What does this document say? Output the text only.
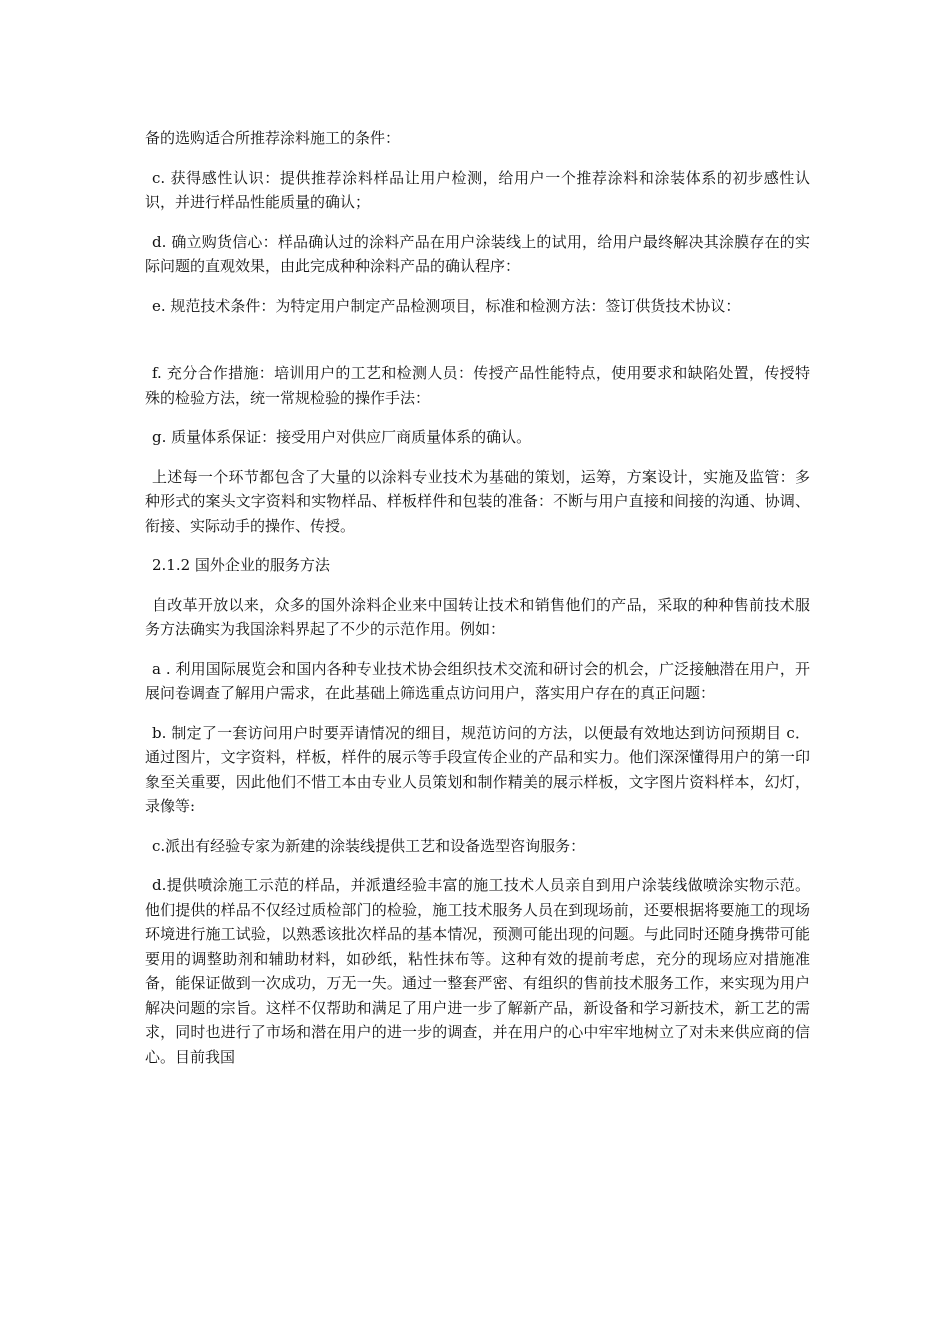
备的选购适合所推荐涂料施工的条件：

c. 获得感性认识：提供推荐涂料样品让用户检测，给用户一个推荐涂料和涂装体系的初步感性认识，并进行样品性能质量的确认；

d. 确立购货信心：样品确认过的涂料产品在用户涂装线上的试用，给用户最终解决其涂膜存在的实际问题的直观效果，由此完成种种涂料产品的确认程序：

e. 规范技术条件：为特定用户制定产品检测项目，标准和检测方法：签订供货技术协议：

f. 充分合作措施：培训用户的工艺和检测人员：传授产品性能特点，使用要求和缺陷处置，传授特殊的检验方法，统一常规检验的操作手法：

g. 质量体系保证：接受用户对供应厂商质量体系的确认。

上述每一个环节都包含了大量的以涂料专业技术为基础的策划，运筹，方案设计，实施及监管：多种形式的案头文字资料和实物样品、样板样件和包装的准备：不断与用户直接和间接的沟通、协调、衔接、实际动手的操作、传授。

2.1.2 国外企业的服务方法

自改革开放以来，众多的国外涂料企业来中国转让技术和销售他们的产品，采取的种种售前技术服务方法确实为我国涂料界起了不少的示范作用。例如：

a . 利用国际展览会和国内各种专业技术协会组织技术交流和研讨会的机会，广泛接触潜在用户，开展问卷调查了解用户需求，在此基础上筛选重点访问用户，落实用户存在的真正问题：

b. 制定了一套访问用户时要弄请情况的细目，规范访问的方法，以便最有效地达到访问预期目 c．通过图片，文字资料，样板，样件的展示等手段宣传企业的产品和实力。他们深深懂得用户的第一印象至关重要，因此他们不惜工本由专业人员策划和制作精美的展示样板，文字图片资料样本，幻灯，录像等:

c.派出有经验专家为新建的涂装线提供工艺和设备选型咨询服务：

d.提供喷涂施工示范的样品，并派遣经验丰富的施工技术人员亲自到用户涂装线做喷涂实物示范。他们提供的样品不仅经过质检部门的检验，施工技术服务人员在到现场前，还要根据将要施工的现场环境进行施工试验，以熟悉该批次样品的基本情况，预测可能出现的问题。与此同时还随身携带可能要用的调整助剂和辅助材料，如砂纸，粘性抹布等。这种有效的提前考虑，充分的现场应对措施准备，能保证做到一次成功，万无一失。通过一整套严密、有组织的售前技术服务工作，来实现为用户解决问题的宗旨。这样不仅帮助和满足了用户进一步了解新产品，新设备和学习新技术，新工艺的需求，同时也进行了市场和潜在用户的进一步的调查，并在用户的心中牢牢地树立了对未来供应商的信心。目前我国
